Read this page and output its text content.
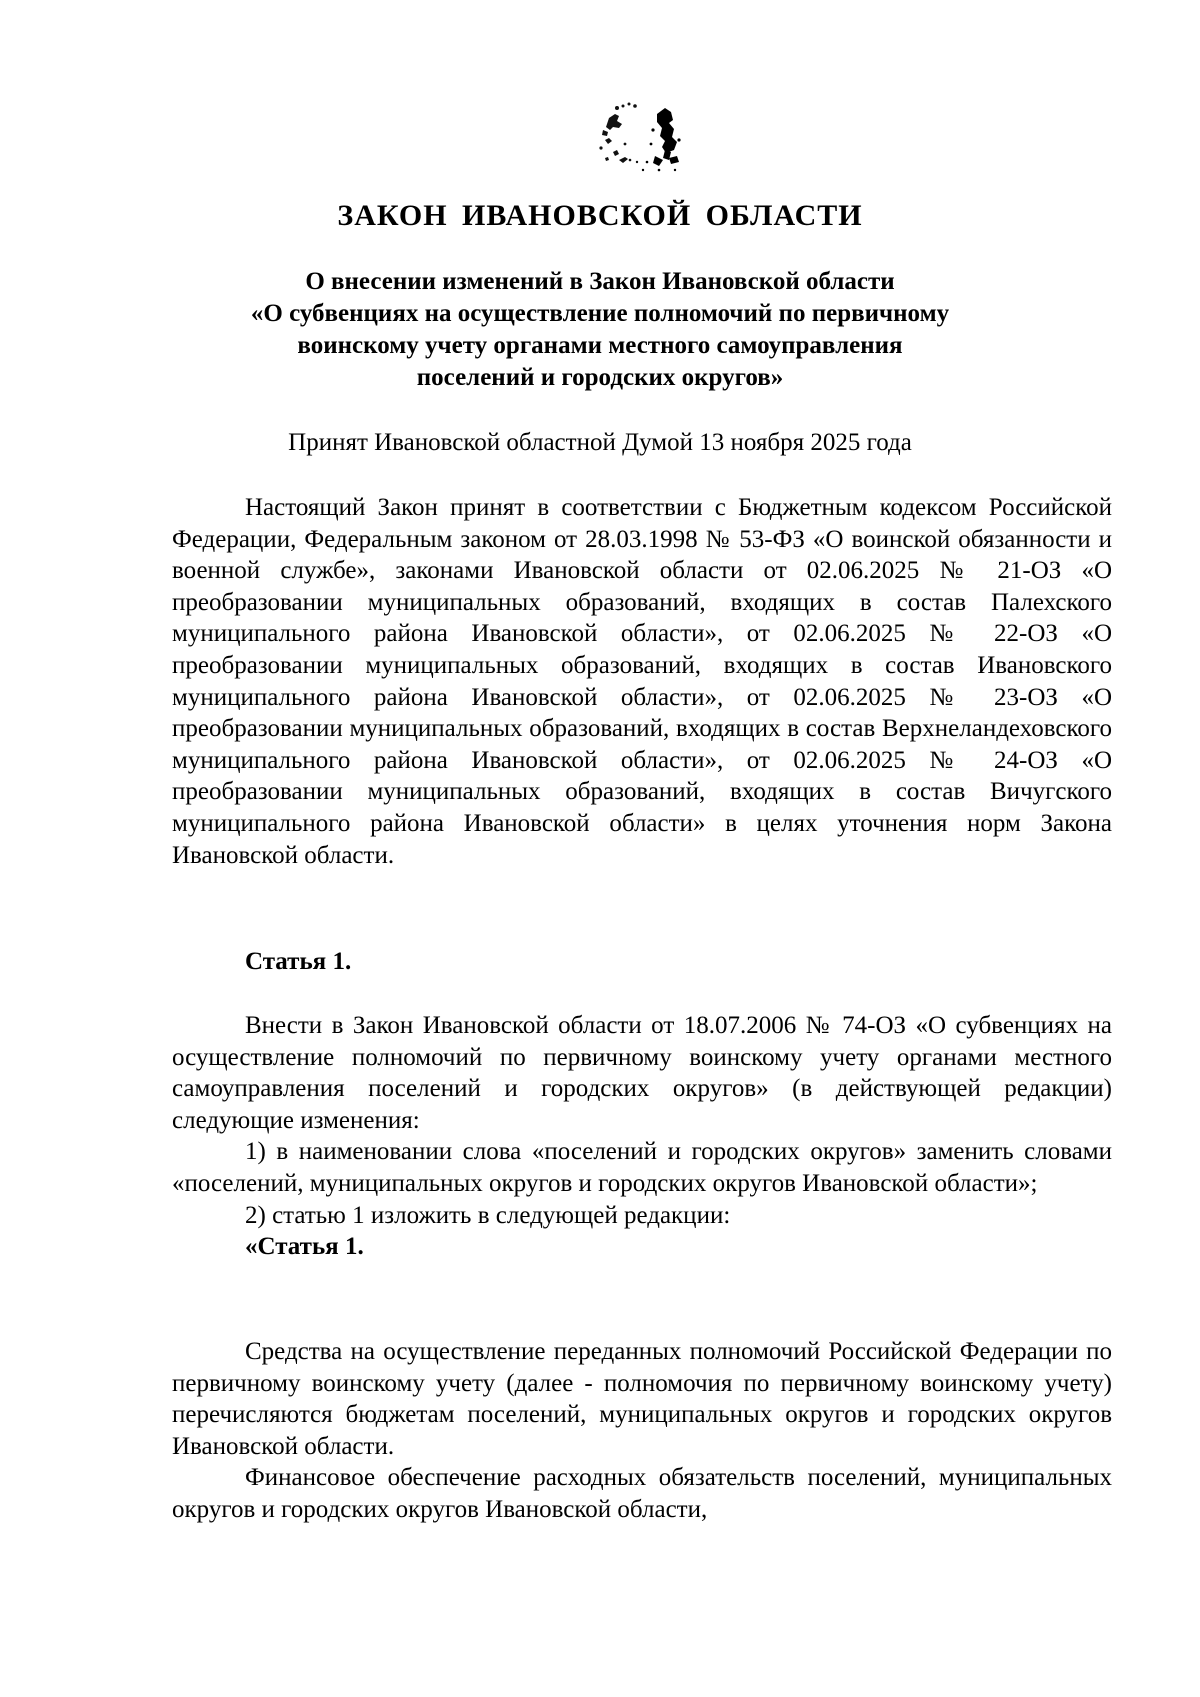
ЗАКОН ИВАНОВСКОЙ ОБЛАСТИ
О внесении изменений в Закон Ивановской области
«О субвенциях на осуществление полномочий по первичному
воинскому учету органами местного самоуправления
поселений и городских округов»
Принят Ивановской областной Думой 13 ноября 2025 года

Настоящий Закон принят в соответствии с Бюджетным кодексом Российской Федерации, Федеральным законом от 28.03.1998 № 53-ФЗ «О воинской обязанности и военной службе», законами Ивановской области от 02.06.2025 № 21-ОЗ «О преобразовании муниципальных образований, входящих в состав Палехского муниципального района Ивановской области», от 02.06.2025 № 22-ОЗ «О преобразовании муниципальных образований, входящих в состав Ивановского муниципального района Ивановской области», от 02.06.2025 № 23-ОЗ «О преобразовании муниципальных образований, входящих в состав Верхнеландеховского муниципального района Ивановской области», от 02.06.2025 № 24-ОЗ «О преобразовании муниципальных образований, входящих в состав Вичугского муниципального района Ивановской области» в целях уточнения норм Закона Ивановской области.

Статья 1.

Внести в Закон Ивановской области от 18.07.2006 № 74-ОЗ «О субвенциях на осуществление полномочий по первичному воинскому учету органами местного самоуправления поселений и городских округов» (в действующей редакции) следующие изменения:

1) в наименовании слова «поселений и городских округов» заменить словами «поселений, муниципальных округов и городских округов Ивановской области»;

2) статью 1 изложить в следующей редакции:

«Статья 1.

Средства на осуществление переданных полномочий Российской Федерации по первичному воинскому учету (далее - полномочия по первичному воинскому учету) перечисляются бюджетам поселений, муниципальных округов и городских округов Ивановской области.

Финансовое обеспечение расходных обязательств поселений, муниципальных округов и городских округов Ивановской области,
